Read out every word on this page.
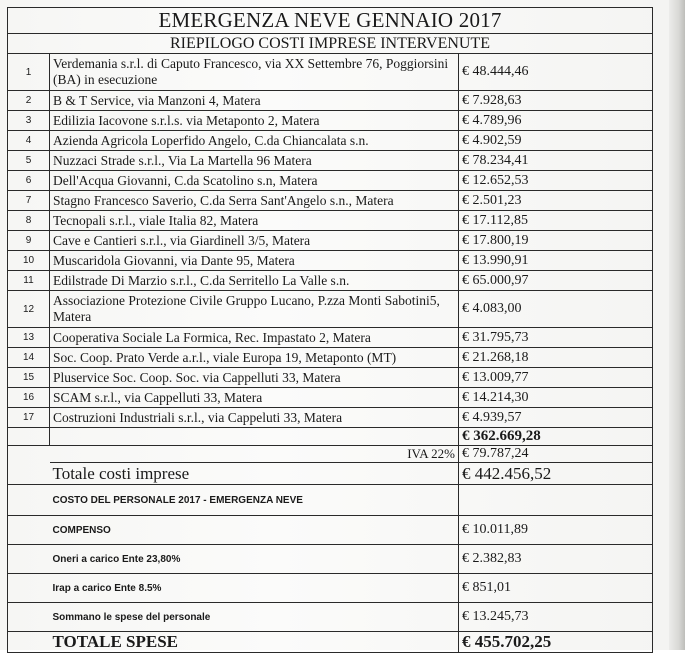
EMERGENZA NEVE GENNAIO 2017		
RIEPILOGO COSTI IMPRESE INTERVENUTE		
1	Verdemania s.r.l. di Caputo Francesco, via XX Settembre 76, Poggiorsini (BA) in esecuzione	€ 48.444,46
2	B & T Service, via Manzoni 4, Matera	€ 7.928,63
3	Edilizia Iacovone s.r.l.s. via Metaponto 2, Matera	€ 4.789,96
4	Azienda Agricola Loperfido Angelo, C.da Chiancalata s.n.	€ 4.902,59
5	Nuzzaci Strade s.r.l., Via La Martella 96 Matera	€ 78.234,41
6	Dell'Acqua Giovanni, C.da Scatolino s.n, Matera	€ 12.652,53
7	Stagno Francesco Saverio, C.da Serra Sant'Angelo s.n., Matera	€ 2.501,23
8	Tecnopali s.r.l., viale Italia 82, Matera	€ 17.112,85
9	Cave e Cantieri s.r.l., via Giardinell 3/5, Matera	€ 17.800,19
10	Muscaridola Giovanni, via Dante 95, Matera	€ 13.990,91
11	Edilstrade Di Marzio s.r.l., C.da Serritello La Valle s.n.	€ 65.000,97
12	Associazione Protezione Civile Gruppo Lucano, P.zza Monti Sabotini5, Matera	€ 4.083,00
13	Cooperativa Sociale La Formica, Rec. Impastato 2, Matera	€ 31.795,73
14	Soc. Coop. Prato Verde a.r.l., viale Europa 19, Metaponto (MT)	€ 21.268,18
15	Pluservice Soc. Coop. Soc. via Cappelluti 33, Matera	€ 13.009,77
16	SCAM s.r.l., via Cappelluti 33, Matera	€ 14.214,30
17	Costruzioni Industriali s.r.l., via Cappeluti 33, Matera	€ 4.939,57
		€ 362.669,28
	IVA 22%	€ 79.787,24
	Totale costi imprese	€ 442.456,52
	COSTO DEL PERSONALE 2017 - EMERGENZA NEVE	
	COMPENSO	€ 10.011,89
	Oneri a carico Ente 23,80%	€ 2.382,83
	Irap a carico Ente 8.5%	€ 851,01
	Sommano le spese del personale	€ 13.245,73
	TOTALE SPESE	€ 455.702,25
